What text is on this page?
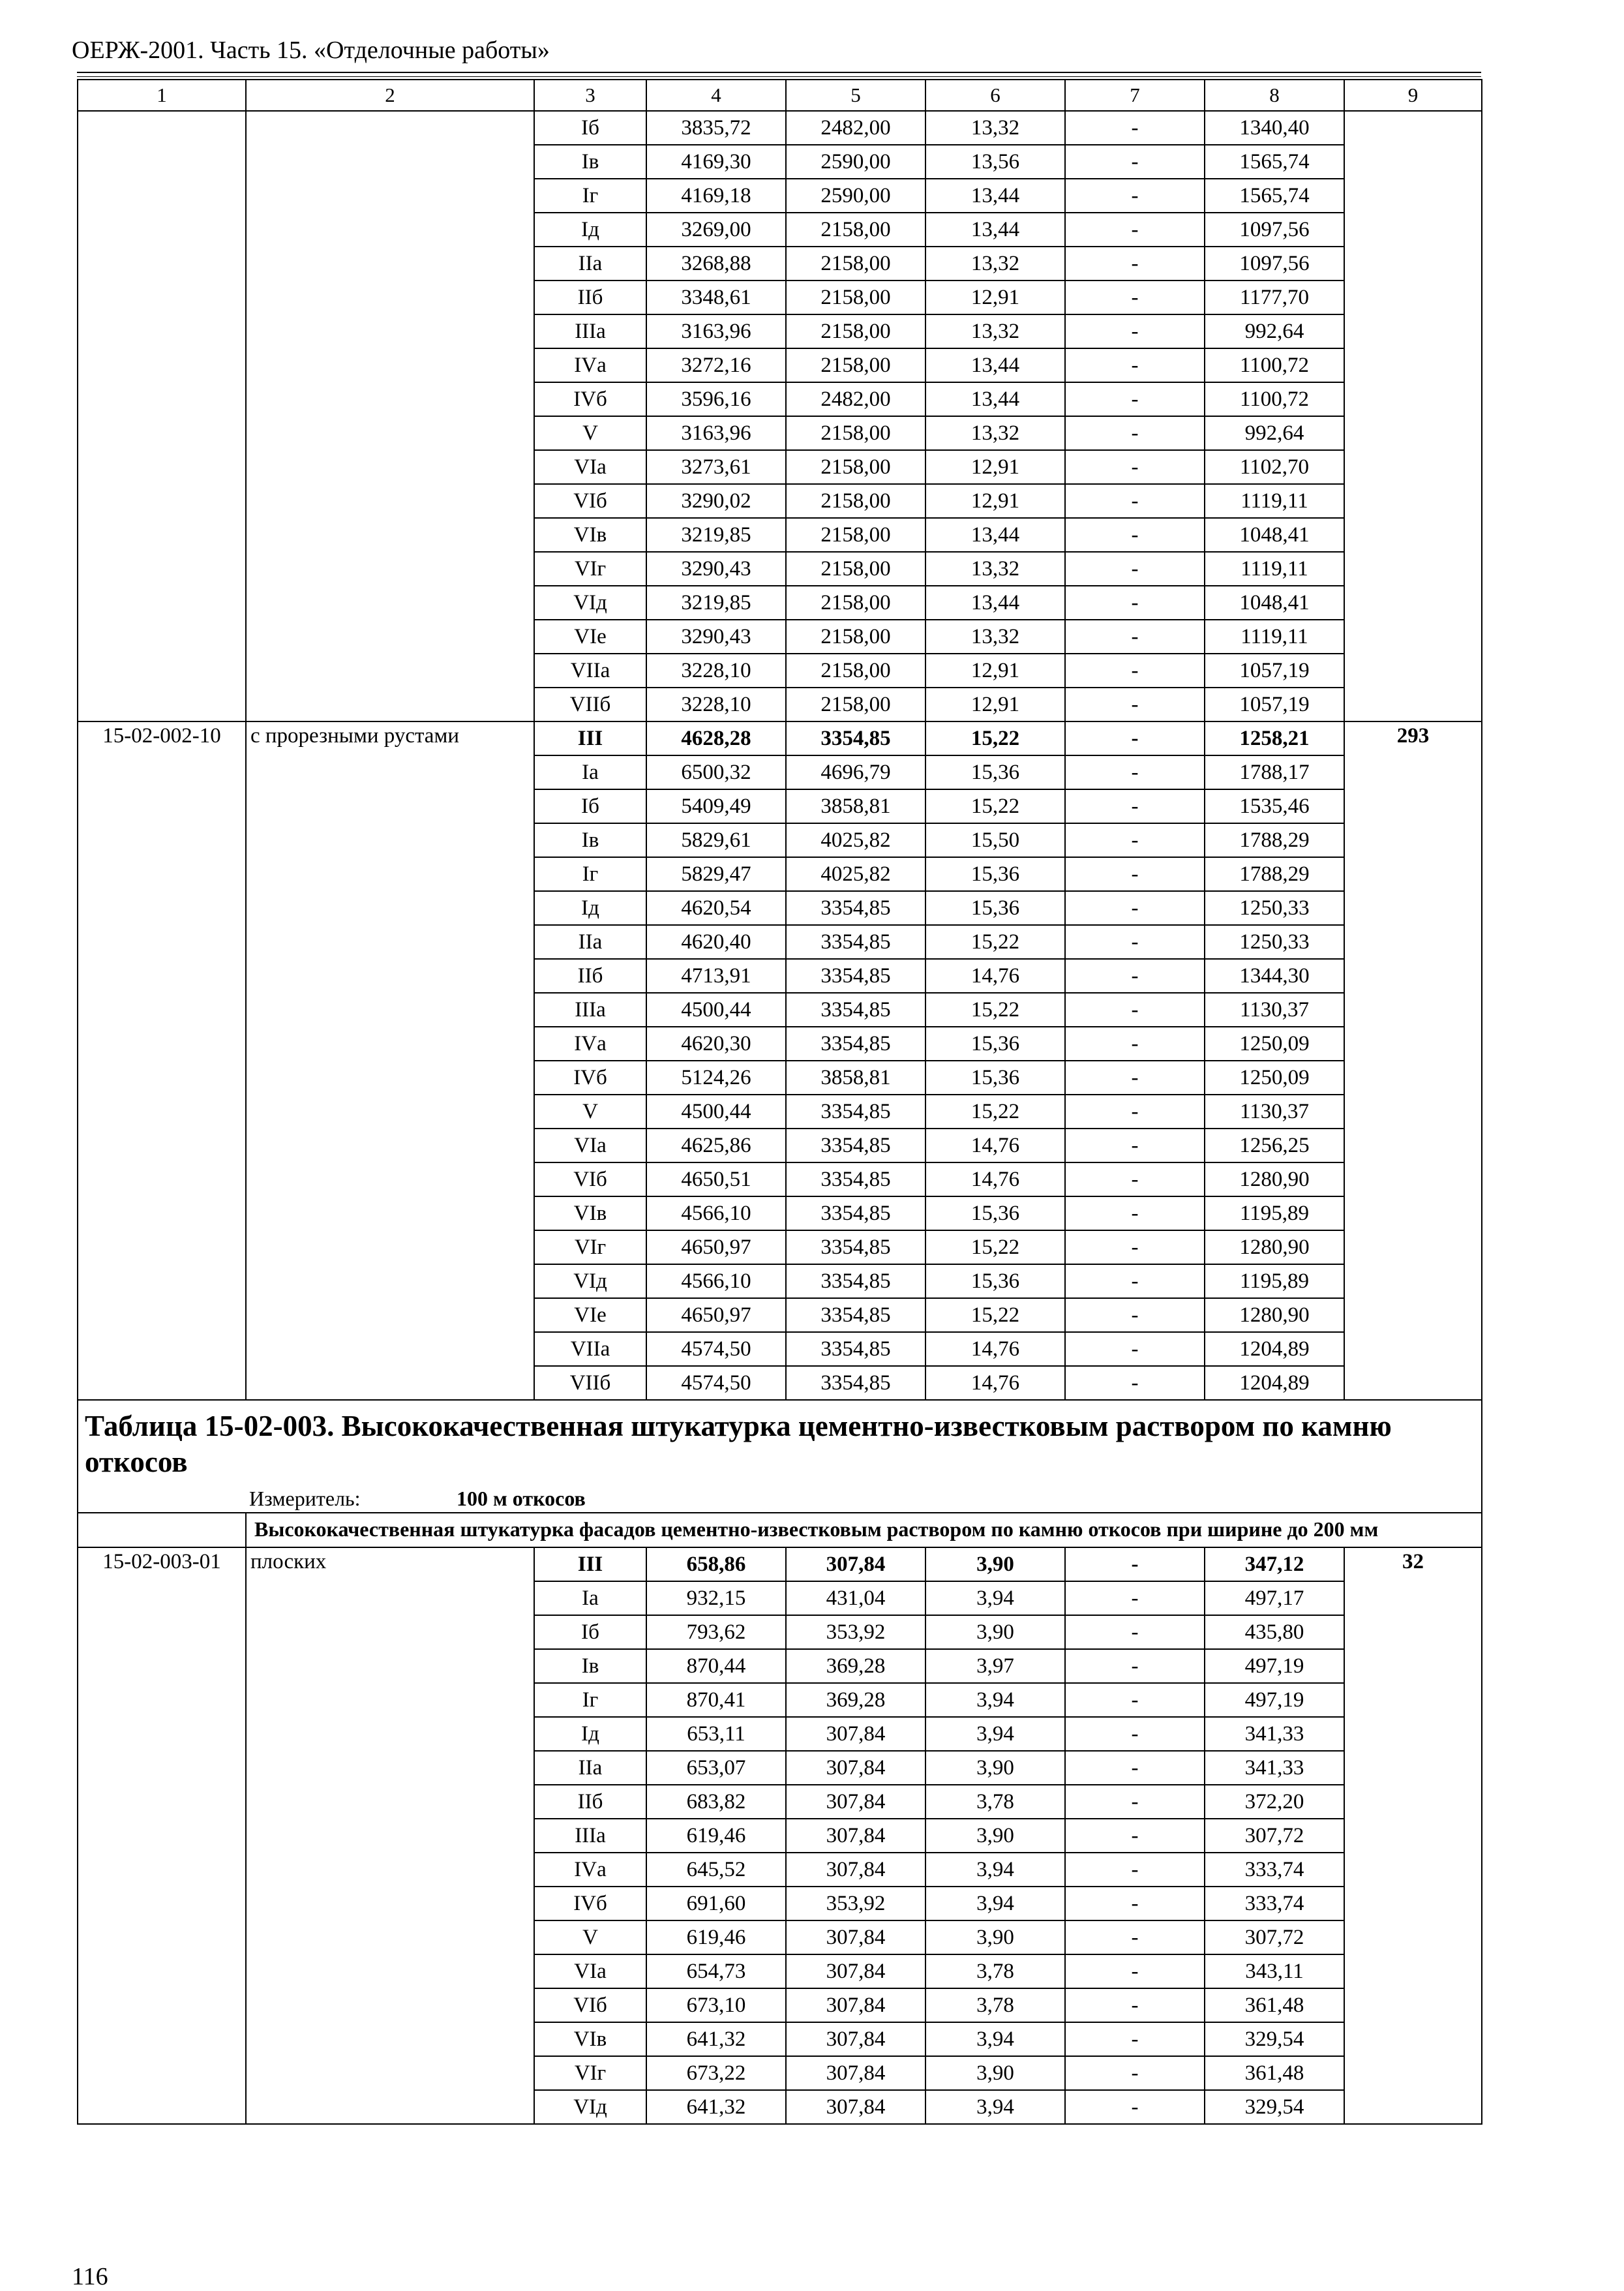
ОЕРЖ-2001. Часть 15. «Отделочные работы»
1	2	3	4	5	6	7	8	9
		Iб	3835,72	2482,00	13,32	-	1340,40	
		Iв	4169,30	2590,00	13,56	-	1565,74	
		Iг	4169,18	2590,00	13,44	-	1565,74	
		Iд	3269,00	2158,00	13,44	-	1097,56	
		IIа	3268,88	2158,00	13,32	-	1097,56	
		IIб	3348,61	2158,00	12,91	-	1177,70	
		IIIа	3163,96	2158,00	13,32	-	992,64	
		IVа	3272,16	2158,00	13,44	-	1100,72	
		IVб	3596,16	2482,00	13,44	-	1100,72	
		V	3163,96	2158,00	13,32	-	992,64	
		VIа	3273,61	2158,00	12,91	-	1102,70	
		VIб	3290,02	2158,00	12,91	-	1119,11	
		VIв	3219,85	2158,00	13,44	-	1048,41	
		VIг	3290,43	2158,00	13,32	-	1119,11	
		VIд	3219,85	2158,00	13,44	-	1048,41	
		VIе	3290,43	2158,00	13,32	-	1119,11	
		VIIа	3228,10	2158,00	12,91	-	1057,19	
		VIIб	3228,10	2158,00	12,91	-	1057,19	
15-02-002-10	с прорезными рустами	III	4628,28	3354,85	15,22	-	1258,21	293
		Iа	6500,32	4696,79	15,36	-	1788,17	
		Iб	5409,49	3858,81	15,22	-	1535,46	
		Iв	5829,61	4025,82	15,50	-	1788,29	
		Iг	5829,47	4025,82	15,36	-	1788,29	
		Iд	4620,54	3354,85	15,36	-	1250,33	
		IIа	4620,40	3354,85	15,22	-	1250,33	
		IIб	4713,91	3354,85	14,76	-	1344,30	
		IIIа	4500,44	3354,85	15,22	-	1130,37	
		IVа	4620,30	3354,85	15,36	-	1250,09	
		IVб	5124,26	3858,81	15,36	-	1250,09	
		V	4500,44	3354,85	15,22	-	1130,37	
		VIа	4625,86	3354,85	14,76	-	1256,25	
		VIб	4650,51	3354,85	14,76	-	1280,90	
		VIв	4566,10	3354,85	15,36	-	1195,89	
		VIг	4650,97	3354,85	15,22	-	1280,90	
		VIд	4566,10	3354,85	15,36	-	1195,89	
		VIе	4650,97	3354,85	15,22	-	1280,90	
		VIIа	4574,50	3354,85	14,76	-	1204,89	
		VIIб	4574,50	3354,85	14,76	-	1204,89	

Таблица 15-02-003. Высококачественная штукатурка цементно-известковым раствором по камню откосов
Измеритель: 100 м откосов								

	Высококачественная штукатурка фасадов цементно-известковым раствором по камню откосов при ширине до 200 мм							
15-02-003-01	плоских	III	658,86	307,84	3,90	-	347,12	32
		Iа	932,15	431,04	3,94	-	497,17	
		Iб	793,62	353,92	3,90	-	435,80	
		Iв	870,44	369,28	3,97	-	497,19	
		Iг	870,41	369,28	3,94	-	497,19	
		Iд	653,11	307,84	3,94	-	341,33	
		IIа	653,07	307,84	3,90	-	341,33	
		IIб	683,82	307,84	3,78	-	372,20	
		IIIа	619,46	307,84	3,90	-	307,72	
		IVа	645,52	307,84	3,94	-	333,74	
		IVб	691,60	353,92	3,94	-	333,74	
		V	619,46	307,84	3,90	-	307,72	
		VIа	654,73	307,84	3,78	-	343,11	
		VIб	673,10	307,84	3,78	-	361,48	
		VIв	641,32	307,84	3,94	-	329,54	
		VIг	673,22	307,84	3,90	-	361,48	
		VIд	641,32	307,84	3,94	-	329,54	
116
